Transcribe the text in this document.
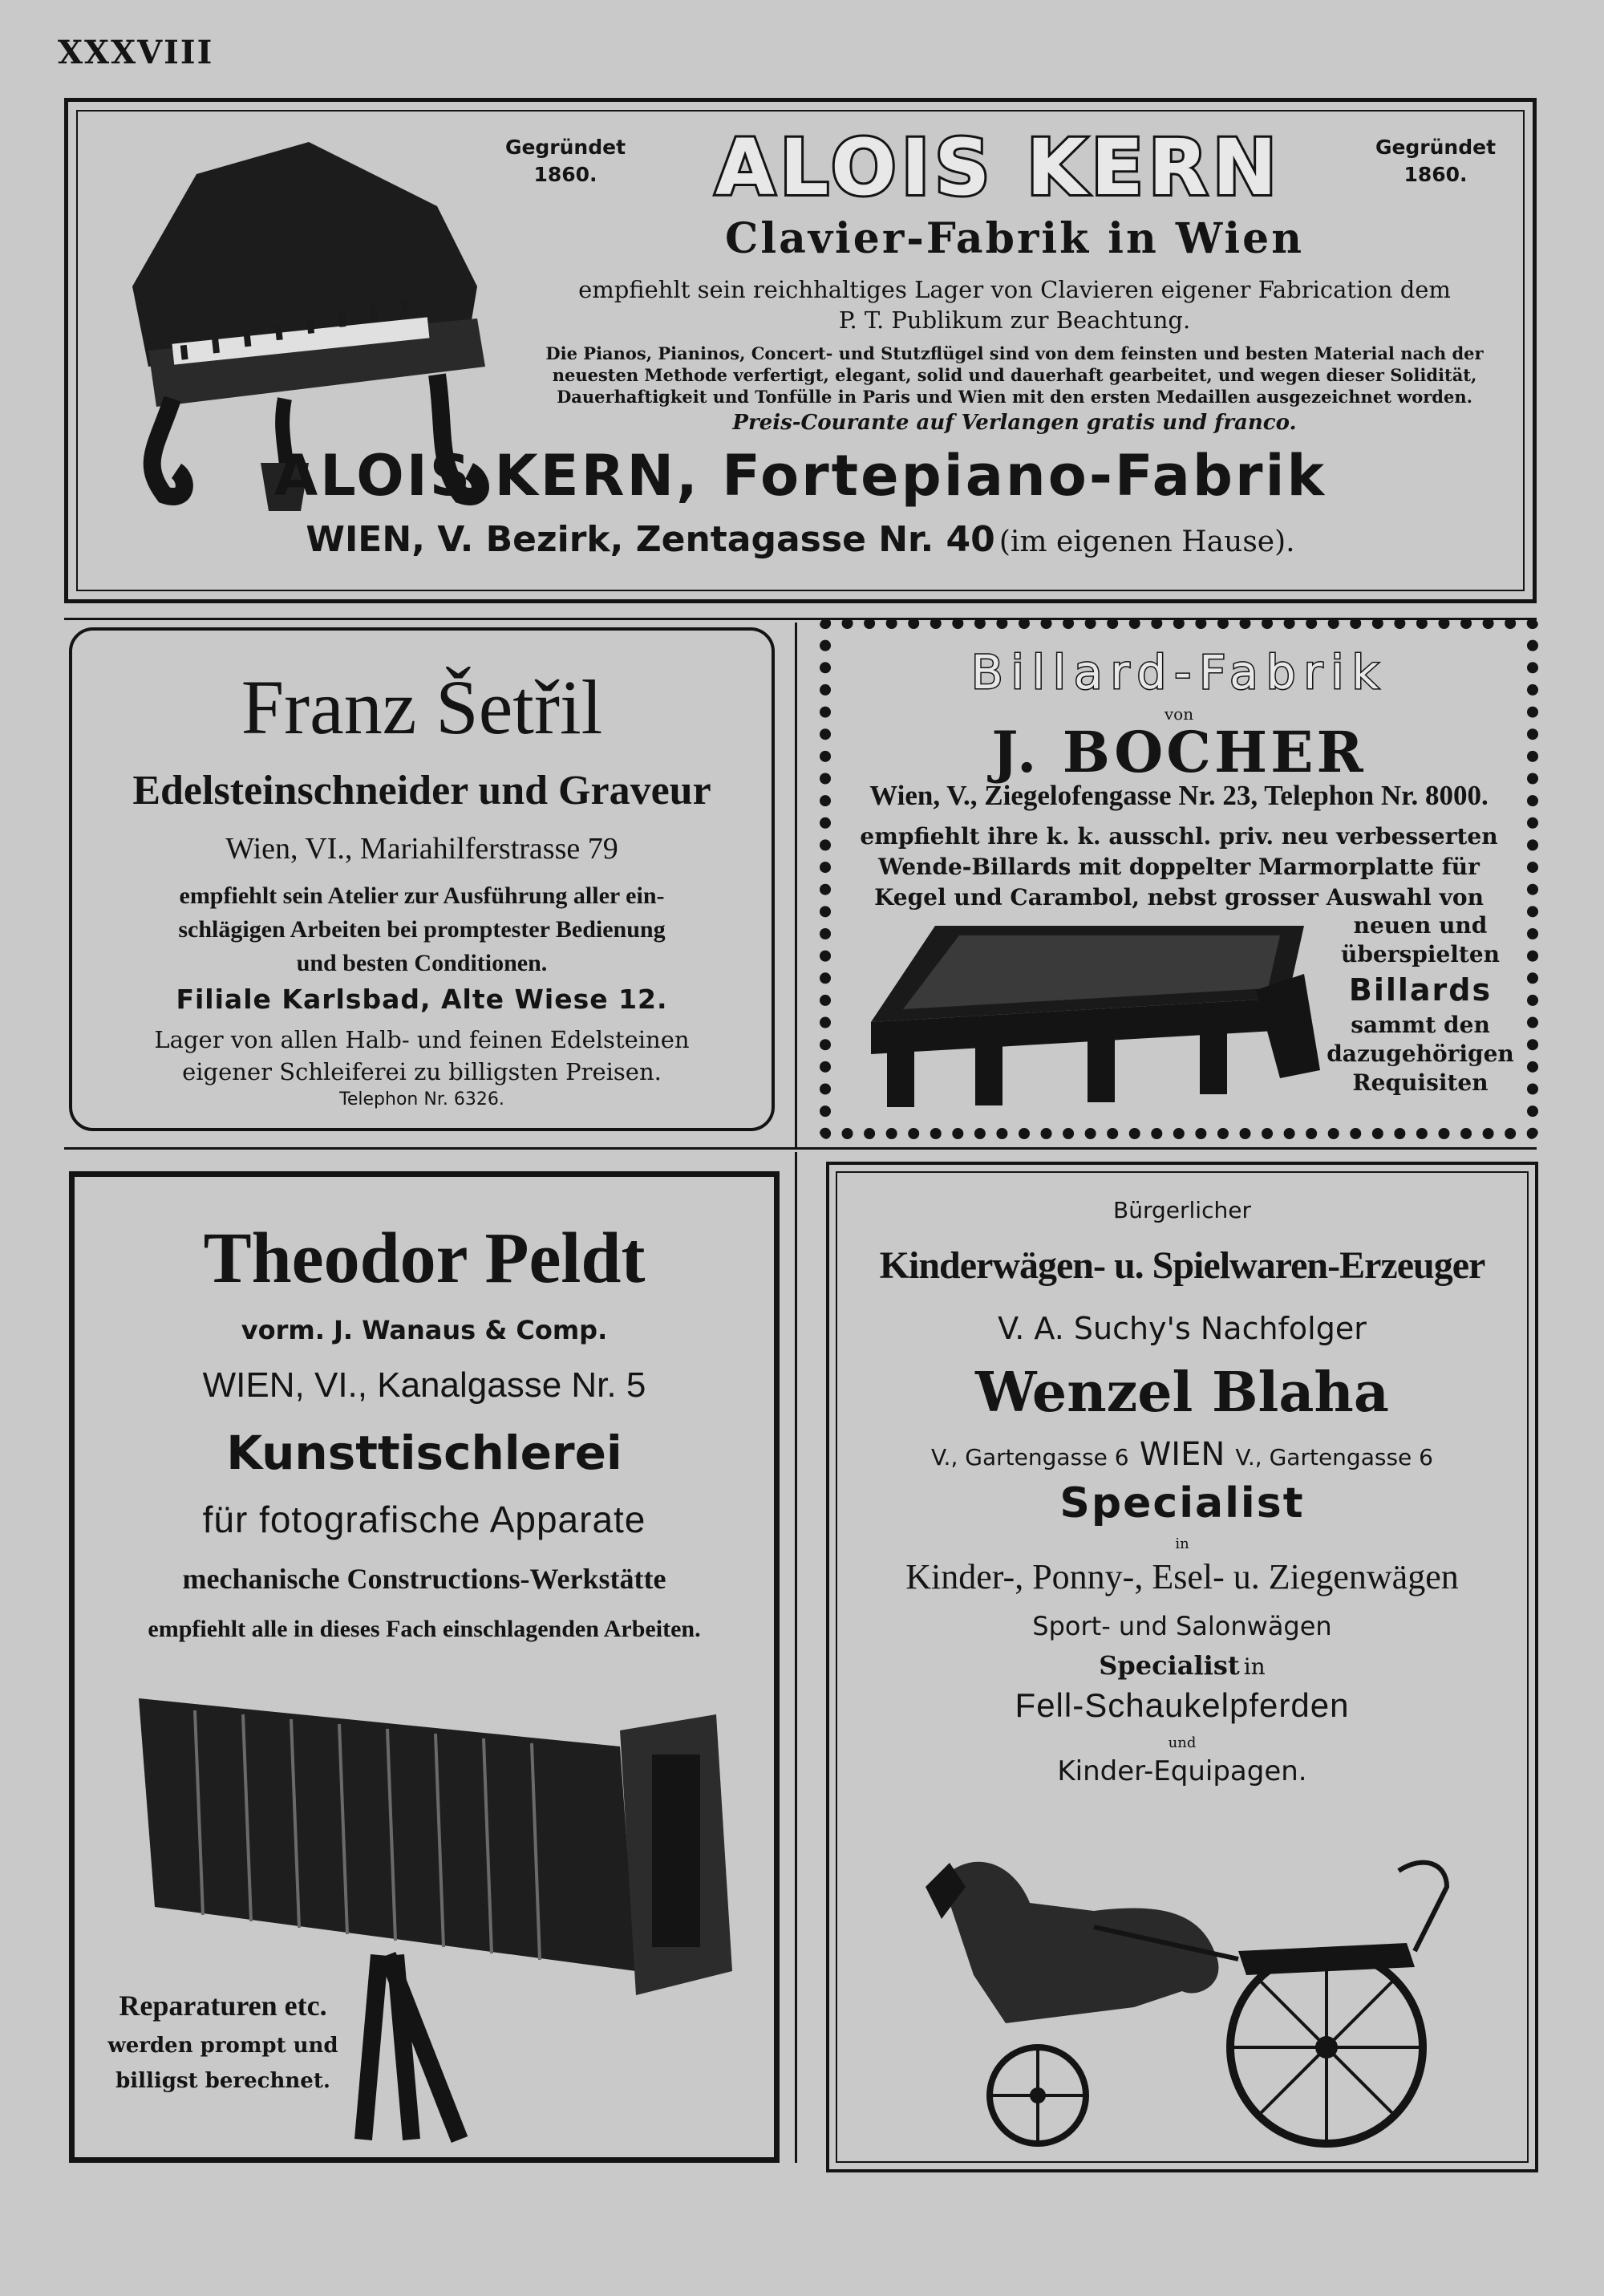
XXXVIII
Gegründet
1860.
Gegründet
1860.
ALOIS KERN
Clavier-Fabrik in Wien
empfiehlt sein reichhaltiges Lager von Clavieren eigener Fabrication dem
P. T. Publikum zur Beachtung.
Die Pianos, Pianinos, Concert- und Stutzflügel sind von dem feinsten und besten Material nach der
neuesten Methode verfertigt, elegant, solid und dauerhaft gearbeitet, und wegen dieser Solidität,
Dauerhaftigkeit und Tonfülle in Paris und Wien mit den ersten Medaillen ausgezeichnet worden.
Preis-Courante auf Verlangen gratis und franco.
ALOIS KERN, Fortepiano-Fabrik
WIEN, V. Bezirk, Zentagasse Nr. 40 (im eigenen Hause).
Franz Šetřil
Edelsteinschneider und Graveur
Wien, VI., Mariahilferstrasse 79
empfiehlt sein Atelier zur Ausführung aller ein-
schlägigen Arbeiten bei promptester Bedienung
und besten Conditionen.
Filiale Karlsbad, Alte Wiese 12.
Lager von allen Halb- und feinen Edelsteinen
eigener Schleiferei zu billigsten Preisen.
Telephon Nr. 6326.
Billard-Fabrik
von
J. BOCHER
Wien, V., Ziegelofengasse Nr. 23, Telephon Nr. 8000.
empfiehlt ihre k. k. ausschl. priv. neu verbesserten
Wende-Billards mit doppelter Marmorplatte für
Kegel und Carambol, nebst grosser Auswahl von
neuen und
überspielten
Billards
sammt den
dazugehörigen
Requisiten
Theodor Peldt
vorm. J. Wanaus & Comp.
WIEN, VI., Kanalgasse Nr. 5
Kunsttischlerei
für fotografische Apparate
mechanische Constructions-Werkstätte
empfiehlt alle in dieses Fach einschlagenden Arbeiten.
Reparaturen etc.
werden prompt und
billigst berechnet.
Bürgerlicher
Kinderwägen- u. Spielwaren-Erzeuger
V. A. Suchy's Nachfolger
Wenzel Blaha
V., Gartengasse 6 WIEN V., Gartengasse 6
Specialist
in
Kinder-, Ponny-, Esel- u. Ziegenwägen
Sport- und Salonwägen
Specialist in
Fell-Schaukelpferden
und
Kinder-Equipagen.
